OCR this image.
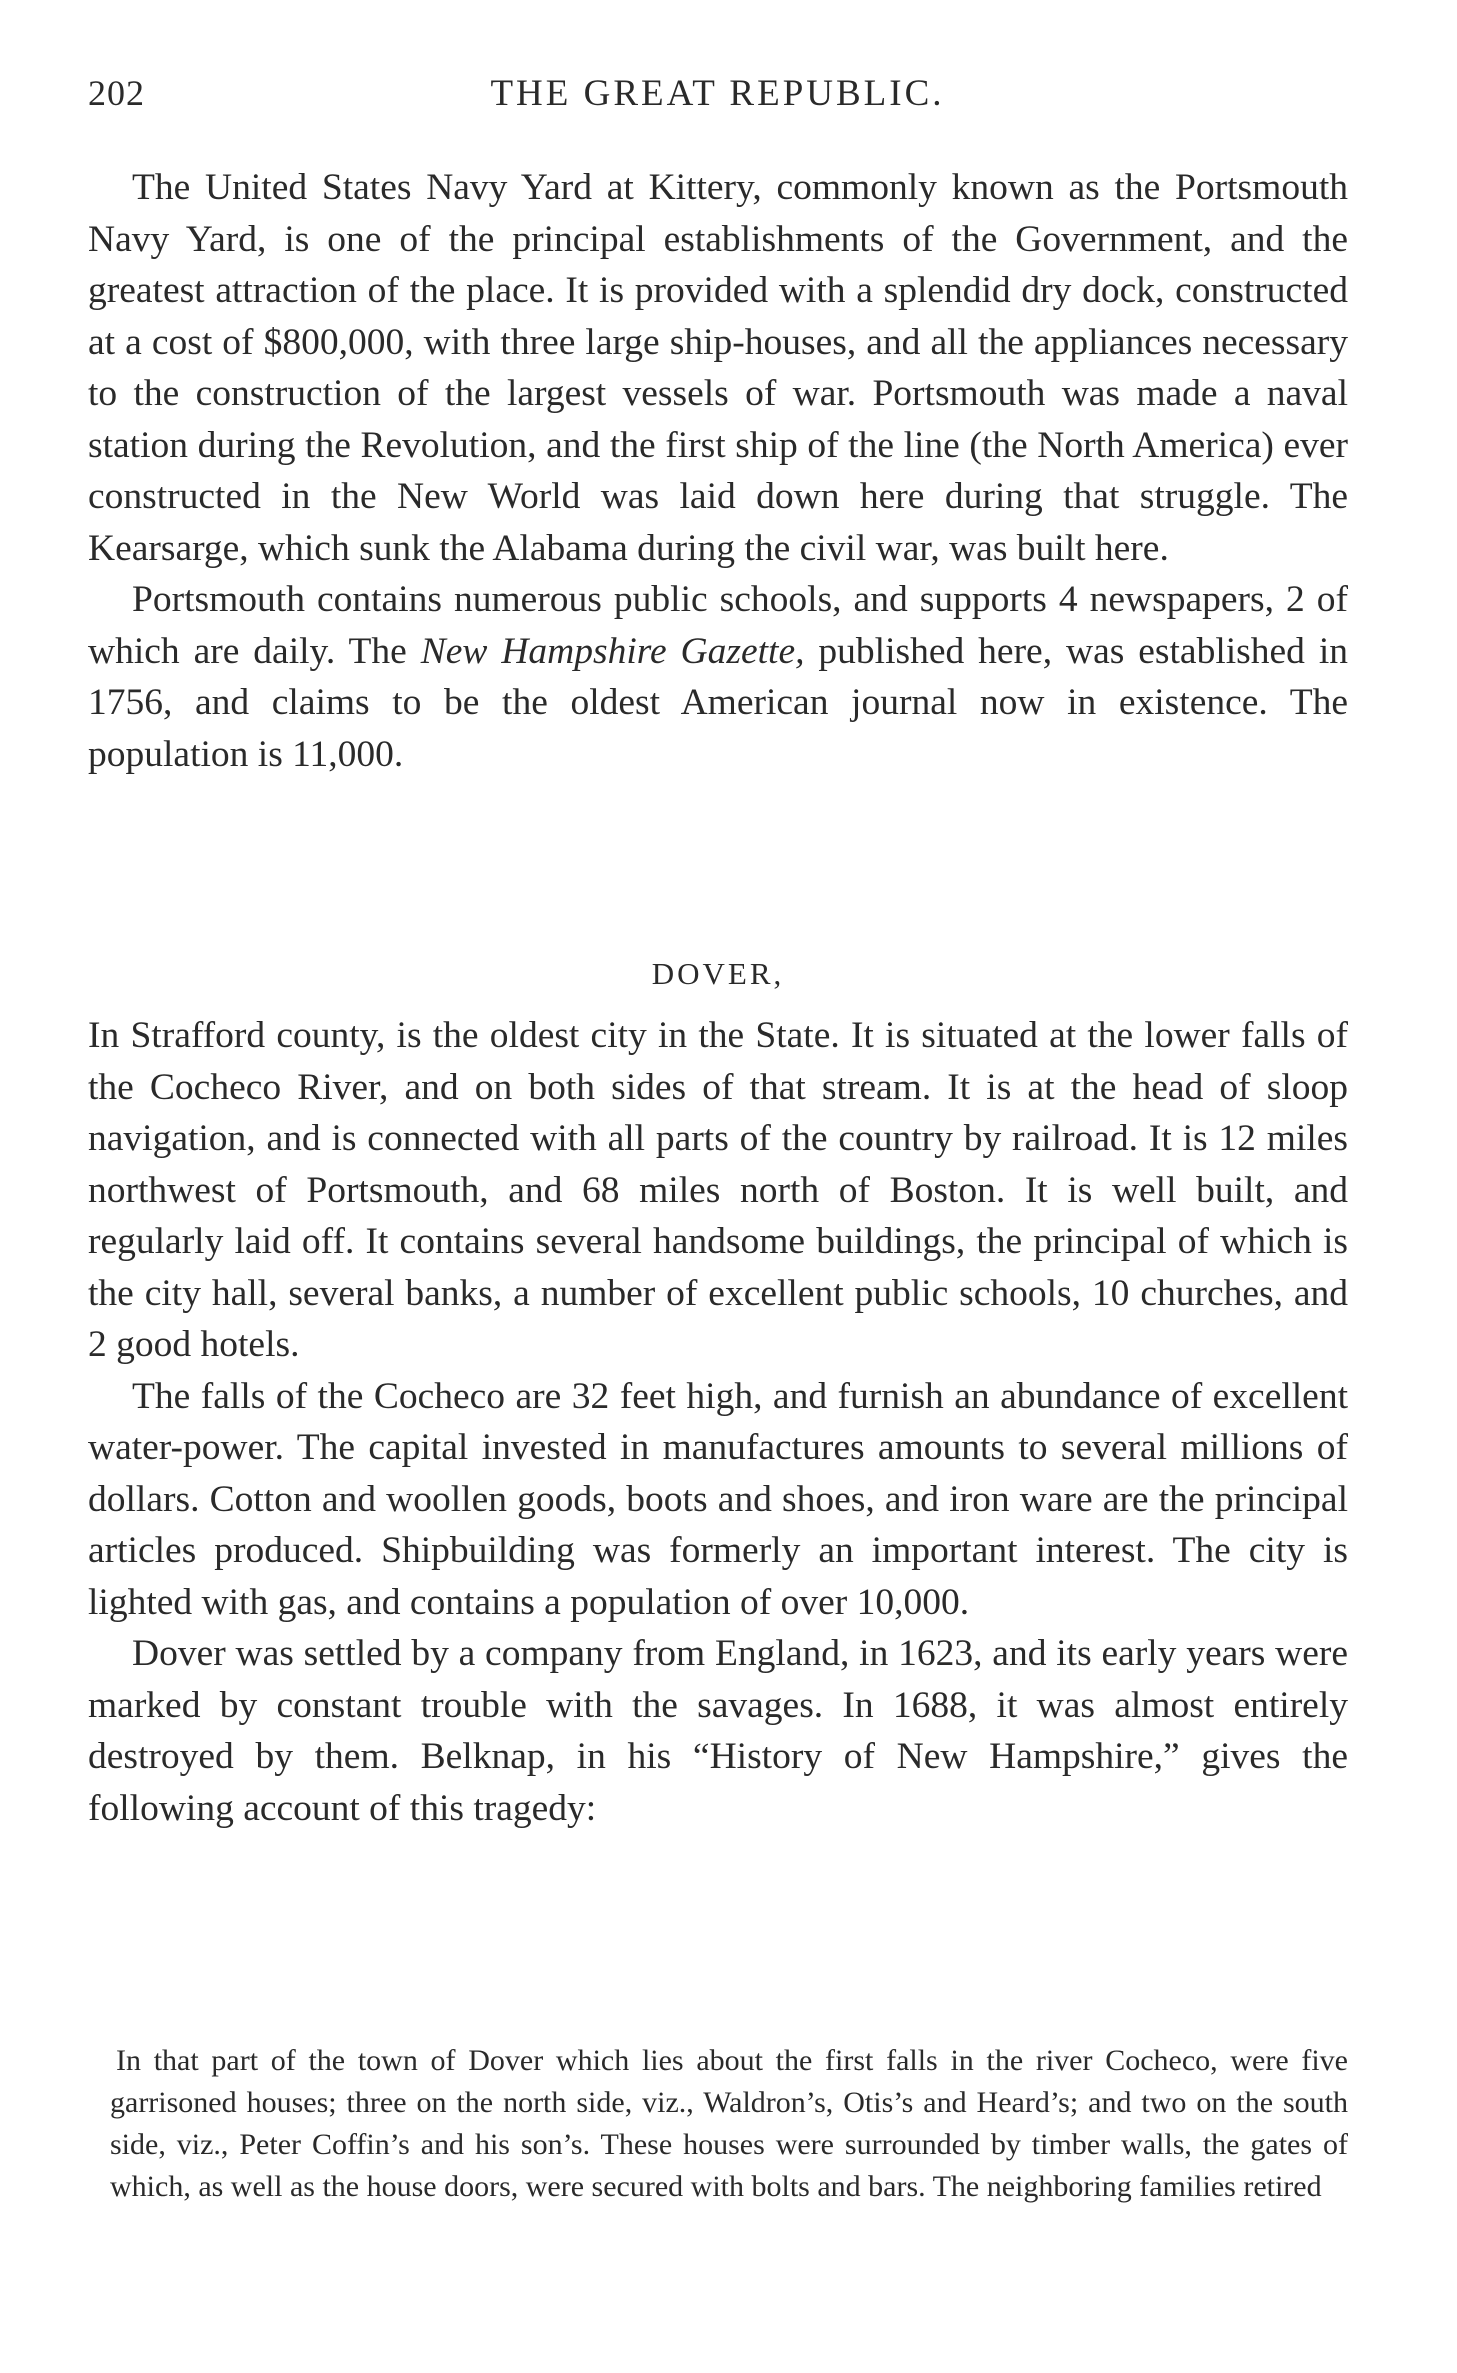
202	THE GREAT REPUBLIC.

The United States Navy Yard at Kittery, commonly known as the Portsmouth Navy Yard, is one of the principal establishments of the Government, and the greatest attraction of the place. It is provided with a splendid dry dock, constructed at a cost of $800,000, with three large ship-houses, and all the appliances necessary to the construction of the largest vessels of war. Portsmouth was made a naval station during the Revolution, and the first ship of the line (the North America) ever constructed in the New World was laid down here during that struggle. The Kearsarge, which sunk the Alabama during the civil war, was built here.

Portsmouth contains numerous public schools, and supports 4 newspapers, 2 of which are daily. The New Hampshire Gazette, published here, was established in 1756, and claims to be the oldest American journal now in existence. The population is 11,000.

DOVER,

In Strafford county, is the oldest city in the State. It is situated at the lower falls of the Cocheco River, and on both sides of that stream. It is at the head of sloop navigation, and is connected with all parts of the country by railroad. It is 12 miles northwest of Portsmouth, and 68 miles north of Boston. It is well built, and regularly laid off. It contains several handsome buildings, the principal of which is the city hall, several banks, a number of excellent public schools, 10 churches, and 2 good hotels.

The falls of the Cocheco are 32 feet high, and furnish an abundance of excellent water-power. The capital invested in manufactures amounts to several millions of dollars. Cotton and woollen goods, boots and shoes, and iron ware are the principal articles produced. Shipbuilding was formerly an important interest. The city is lighted with gas, and contains a population of over 10,000.

Dover was settled by a company from England, in 1623, and its early years were marked by constant trouble with the savages. In 1688, it was almost entirely destroyed by them. Belknap, in his “History of New Hampshire,” gives the following account of this tragedy:

In that part of the town of Dover which lies about the first falls in the river Cocheco, were five garrisoned houses; three on the north side, viz., Waldron’s, Otis’s and Heard’s; and two on the south side, viz., Peter Coffin’s and his son’s. These houses were surrounded by timber walls, the gates of which, as well as the house doors, were secured with bolts and bars. The neighboring families retired
